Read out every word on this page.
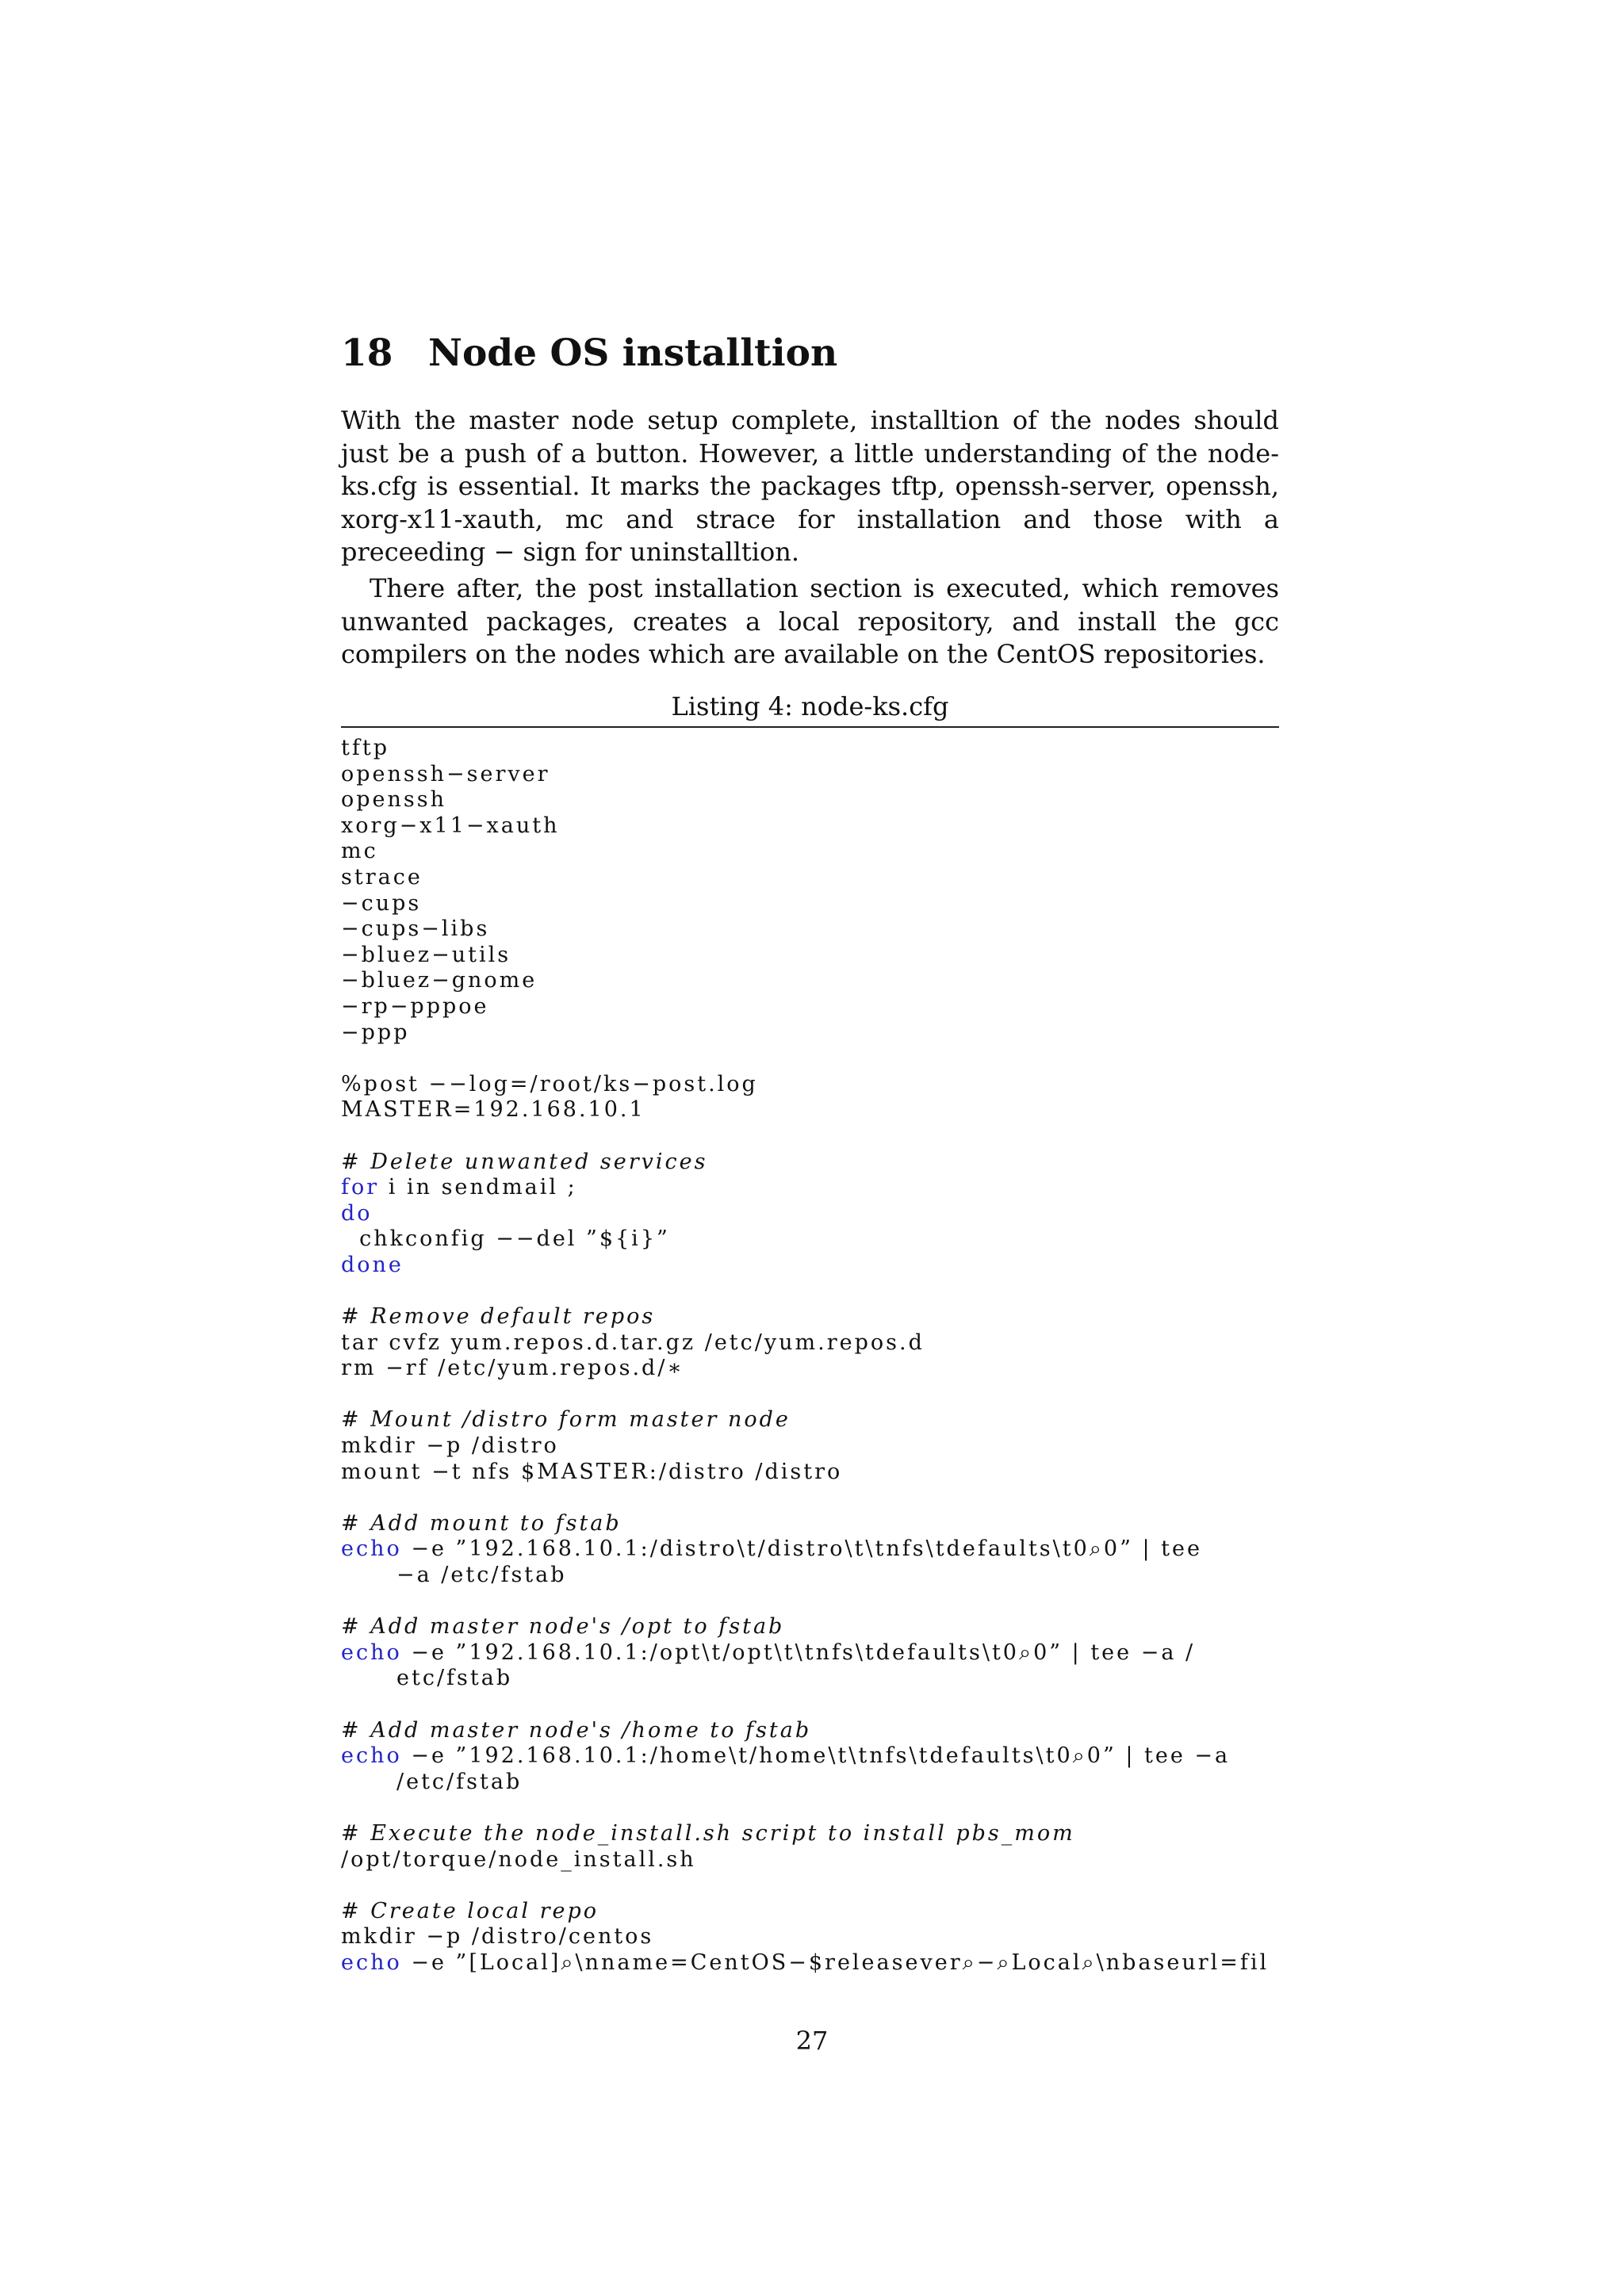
18 Node OS installtion

With the master node setup complete, installtion of the nodes should just be a push of a button. However, a little understanding of the node-ks.cfg is essential. It marks the packages tftp, openssh-server, openssh, xorg-x11-xauth, mc and strace for installation and those with a preceeding − sign for uninstalltion.

There after, the post installation section is executed, which removes unwanted packages, creates a local repository, and install the gcc compilers on the nodes which are available on the CentOS repositories.

Listing 4: node-ks.cfg
tftp
openssh−server
openssh
xorg−x11−xauth
mc
strace
−cups
−cups−libs
−bluez−utils
−bluez−gnome
−rp−pppoe
−ppp
%post −−log=/root/ks−post.log
MASTER=192.168.10.1
# Delete unwanted services
for i in sendmail ;
do
chkconfig −−del ”${i}”
done
# Remove default repos
tar cvfz yum.repos.d.tar.gz /etc/yum.repos.d
rm −rf /etc/yum.repos.d/∗
# Mount /distro form master node
mkdir −p /distro
mount −t nfs $MASTER:/distro /distro
# Add mount to fstab
echo −e ”192.168.10.1:/distro\t/distro\t\tnfs\tdefaults\t0⌕0” | tee
−a /etc/fstab
# Add master node's /opt to fstab
echo −e ”192.168.10.1:/opt\t/opt\t\tnfs\tdefaults\t0⌕0” | tee −a /
etc/fstab
# Add master node's /home to fstab
echo −e ”192.168.10.1:/home\t/home\t\tnfs\tdefaults\t0⌕0” | tee −a
/etc/fstab
# Execute the node_install.sh script to install pbs_mom
/opt/torque/node_install.sh
# Create local repo
mkdir −p /distro/centos
echo −e ”[Local]⌕\nname=CentOS−$releasever⌕−⌕Local⌕\nbaseurl=fil
27
